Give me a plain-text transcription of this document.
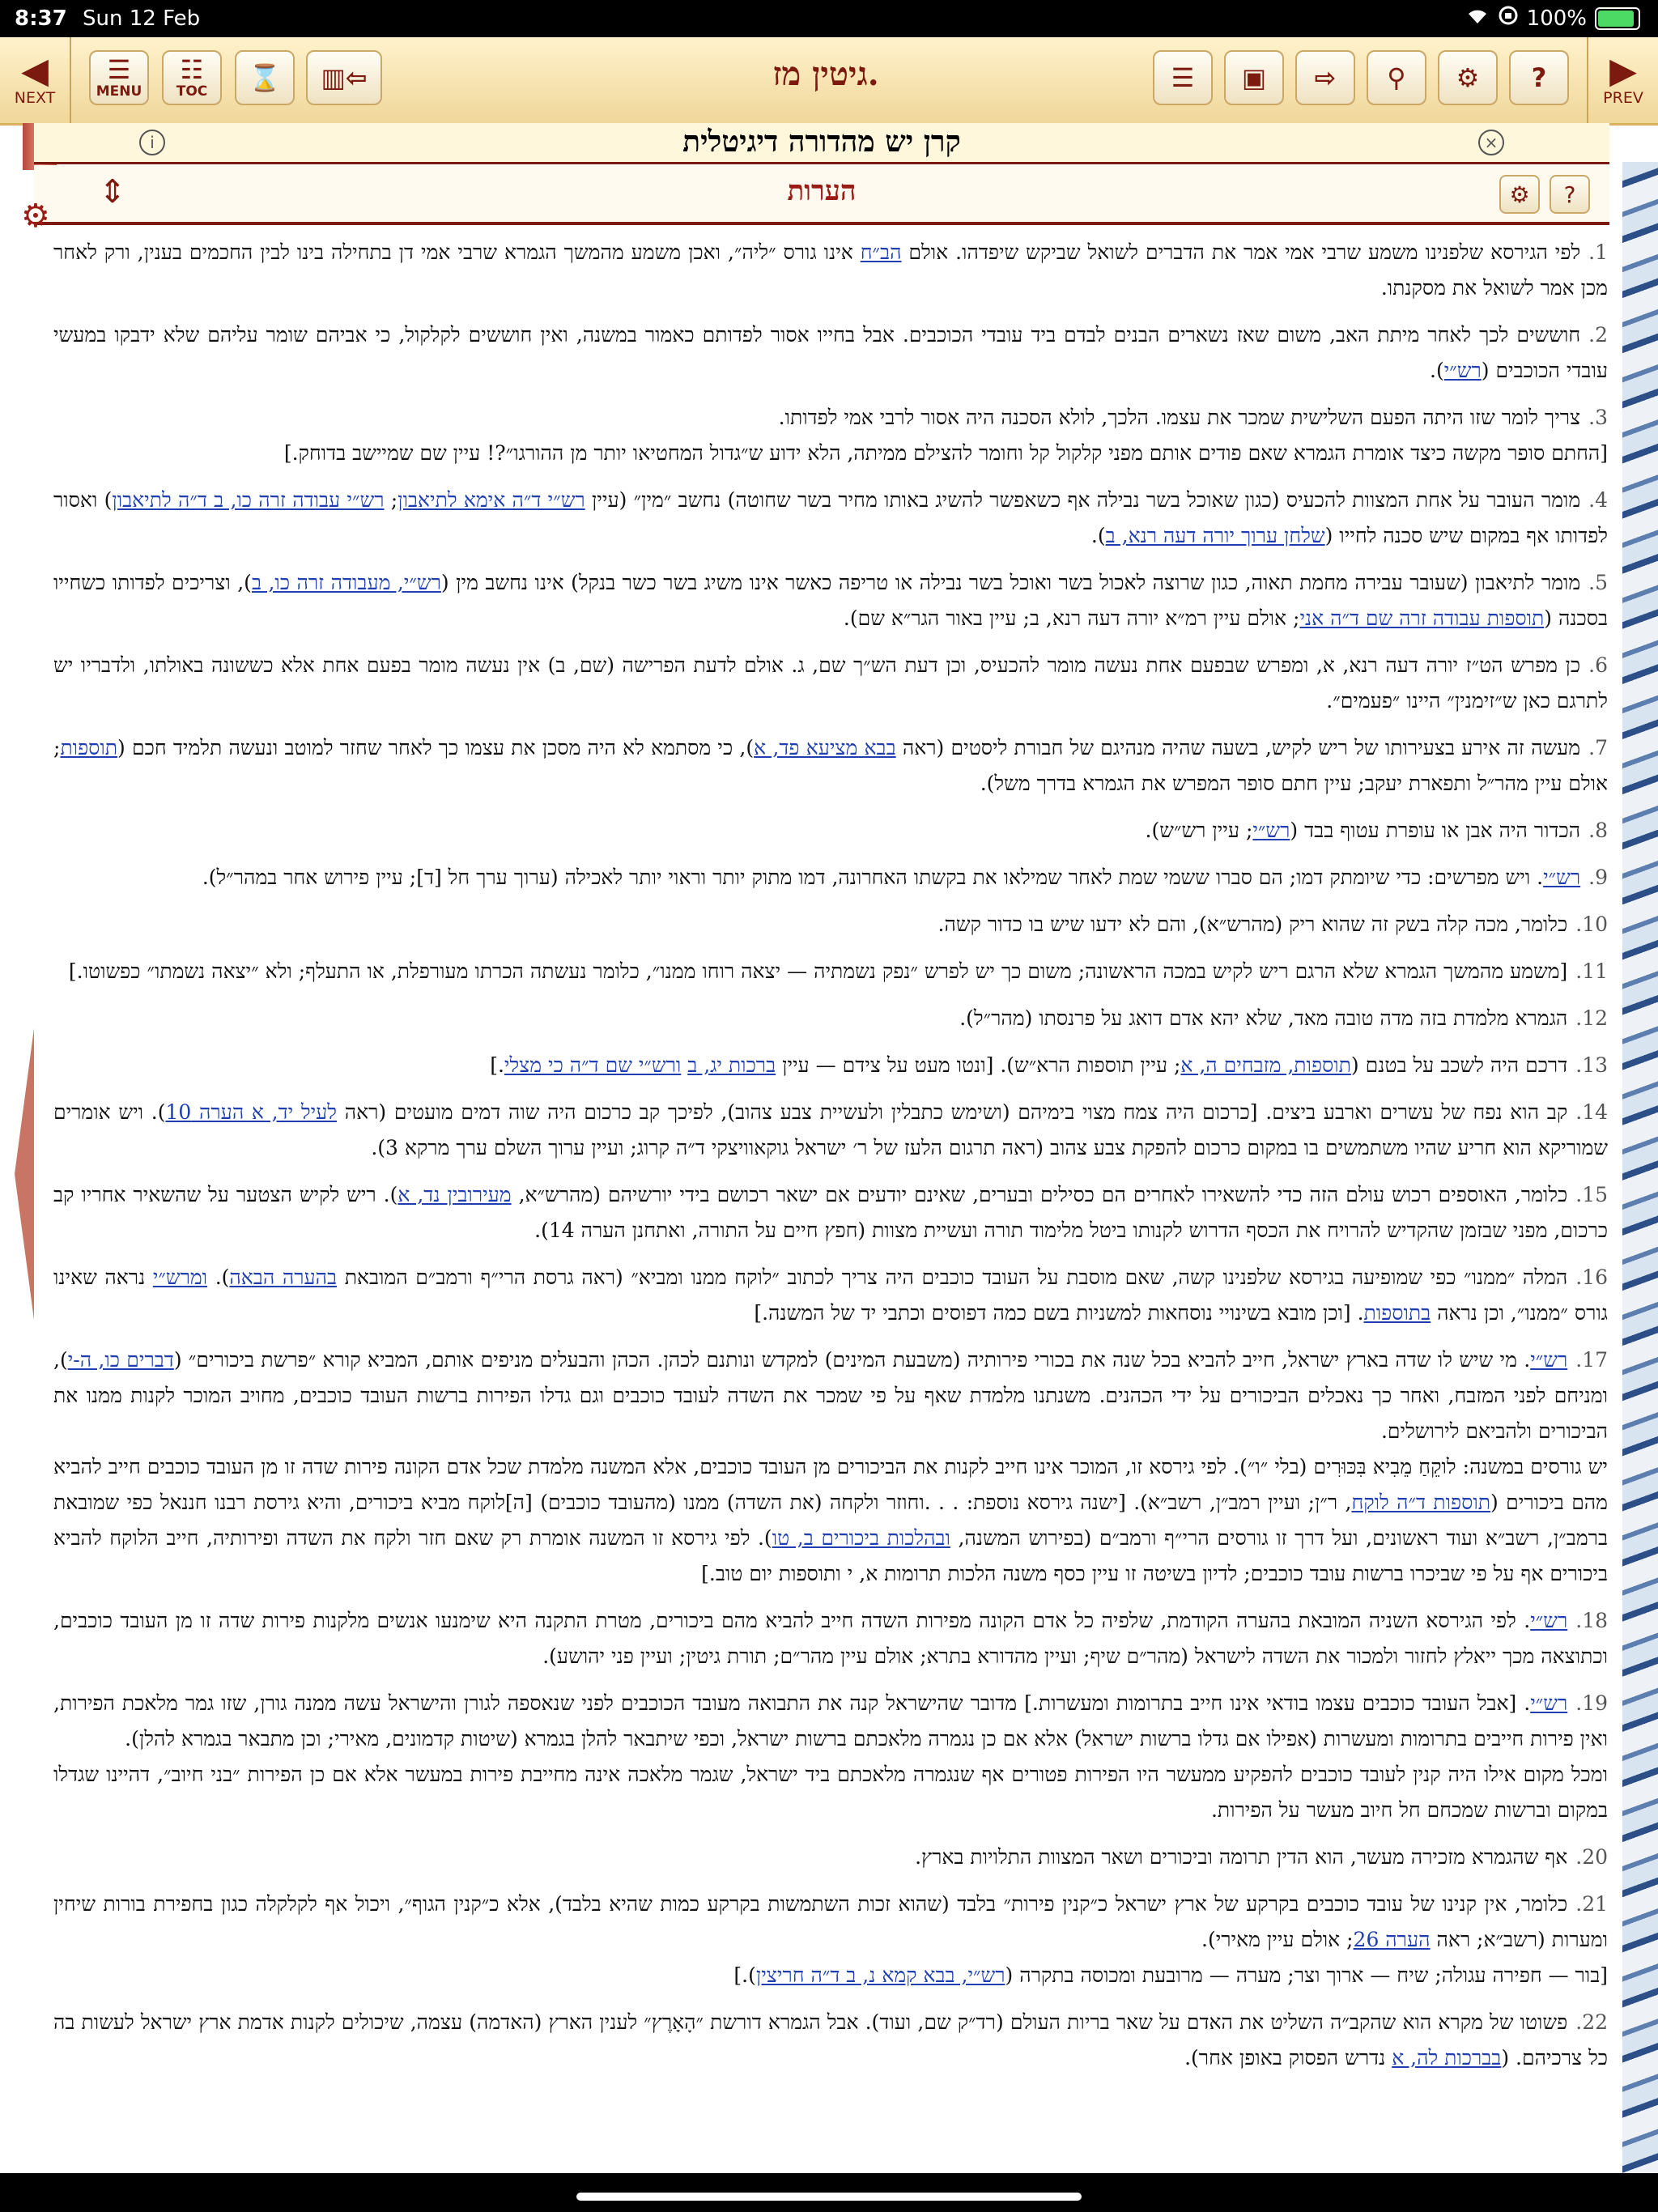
8:37 Sun 12 Feb	100%
◀
NEXT
☰
MENU
☷
TOC ⌛ ▥⇦	גיטין מז.	☰ ▣ ⇨ ⚲ ⚙ ? ▶
PREV
i	קרן יש מהדורה דיגיטלית	×
⇕	הערות	⚙	?
⚙

1.לפי הגירסא שלפנינו משמע שרבי אמי אמר את הדברים לשואל שביקש שיפדהו. אולם הב״ח אינו גורס ״ליה״, ואכן משמע מהמשך הגמרא שרבי אמי דן בתחילה בינו לבין החכמים בענין, ורק לאחר מכן אמר לשואל את מסקנתו.

2.חוששים לכך לאחר מיתת האב, משום שאז נשארים הבנים לבדם ביד עובדי הכוכבים. אבל בחייו אסור לפדותם כאמור במשנה, ואין חוששים לקלקול, כי אביהם שומר עליהם שלא ידבקו במעשי עובדי הכוכבים (רש״י).

3.צריך לומר שזו היתה הפעם השלישית שמכר את עצמו. הלכך, לולא הסכנה היה אסור לרבי אמי לפדותו.

[החתם סופר מקשה כיצד אומרת הגמרא שאם פודים אותם מפני קלקול קל וחומר להצילם ממיתה, הלא ידוע ש״גדול המחטיאו יותר מן ההורגו״?! עיין שם שמיישב בדוחק.]

4.מומר העובר על אחת המצוות להכעיס (כגון שאוכל בשר נבילה אף כשאפשר להשיג באותו מחיר בשר שחוטה) נחשב ״מין״ (עיין רש״י ד״ה אימא לתיאבון; רש״י עבודה זרה כו, ב ד״ה לתיאבון) ואסור לפדותו אף במקום שיש סכנה לחייו (שלחן ערוך יורה דעה רנא, ב).

5.מומר לתיאבון (שעובר עבירה מחמת תאוה, כגון שרוצה לאכול בשר ואוכל בשר נבילה או טריפה כאשר אינו משיג בשר כשר בנקל) אינו נחשב מין (רש״י, מעבודה זרה כו, ב), וצריכים לפדותו כשחייו בסכנה (תוספות עבודה זרה שם ד״ה אני; אולם עיין רמ״א יורה דעה רנא, ב; עיין באור הגר״א שם).

6.כן מפרש הט״ז יורה דעה רנא, א, ומפרש שבפעם אחת נעשה מומר להכעיס, וכן דעת הש״ך שם, ג. אולם לדעת הפרישה (שם, ב) אין נעשה מומר בפעם אחת אלא כששונה באולתו, ולדבריו יש לתרגם כאן ש״זימנין״ היינו ״פעמים״.

7.מעשה זה אירע בצעירותו של ריש לקיש, בשעה שהיה מנהיגם של חבורת ליסטים (ראה בבא מציעא פד, א), כי מסתמא לא היה מסכן את עצמו כך לאחר שחזר למוטב ונעשה תלמיד חכם (תוספות; אולם עיין מהר״ל ותפארת יעקב; עיין חתם סופר המפרש את הגמרא בדרך משל).

8.הכדור היה אבן או עופרת עטוף בבד (רש״י; עיין רש״ש).

9.רש״י. ויש מפרשים: כדי שיומתק דמו; הם סברו ששמי שמת לאחר שמילאו את בקשתו האחרונה, דמו מתוק יותר וראוי יותר לאכילה (ערוך ערך חל [ד]; עיין פירוש אחר במהר״ל).

10.כלומר, מכה קלה בשק זה שהוא ריק (מהרש״א), והם לא ידעו שיש בו כדור קשה.

11.[משמע מהמשך הגמרא שלא הרגם ריש לקיש במכה הראשונה; משום כך יש לפרש ״נפק נשמתיה — יצאה רוחו ממנו״, כלומר נעשתה הכרתו מעורפלת, או התעלף; ולא ״יצאה נשמתו״ כפשוטו.]

12.הגמרא מלמדת בזה מדה טובה מאד, שלא יהא אדם דואג על פרנסתו (מהר״ל).

13.דרכם היה לשכב על בטנם (תוספות, מזבחים ה, א; עיין תוספות הרא״ש). [ונטו מעט על צידם — עיין ברכות יג, ב ורש״י שם ד״ה כי מצלי.]

14.קב הוא נפח של עשרים וארבע ביצים. [כרכום היה צמח מצוי בימיהם (ושימש כתבלין ולעשיית צבע צהוב), לפיכך קב כרכום היה שוה דמים מועטים (ראה לעיל יד, א הערה 10). ויש אומרים שמוריקא הוא חריע שהיו משתמשים בו במקום כרכום להפקת צבע צהוב (ראה תרגום הלעז של ר׳ ישראל גוקאוויצקי ד״ה קרוג; ועיין ערוך השלם ערך מרקא 3).

15.כלומר, האוספים רכוש עולם הזה כדי להשאירו לאחרים הם כסילים ובערים, שאינם יודעים אם ישאר רכושם בידי יורשיהם (מהרש״א, מעירובין נד, א). ריש לקיש הצטער על שהשאיר אחריו קב כרכום, מפני שבזמן שהקדיש להרויח את הכסף הדרוש לקנותו ביטל מלימוד תורה ועשיית מצוות (חפץ חיים על התורה, ואתחנן הערה 14).

16.המלה ״ממנו״ כפי שמופיעה בגירסא שלפנינו קשה, שאם מוסבת על העובד כוכבים היה צריך לכתוב ״לוקח ממנו ומביא״ (ראה גרסת הרי״ף ורמב״ם המובאת בהערה הבאה). ומרש״י נראה שאינו גורס ״ממנו״, וכן נראה בתוספות. [וכן מובא בשינויי נוסחאות למשניות בשם כמה דפוסים וכתבי יד של המשנה.]

17.רש״י. מי שיש לו שדה בארץ ישראל, חייב להביא בכל שנה את בכורי פירותיה (משבעת המינים) למקדש ונותנם לכהן. הכהן והבעלים מניפים אותם, המביא קורא ״פרשת ביכורים״ (דברים כו, ה-י), ומניחם לפני המזבח, ואחר כך נאכלים הביכורים על ידי הכהנים. משנתנו מלמדת שאף על פי שמכר את השדה לעובד כוכבים וגם גדלו הפירות ברשות העובד כוכבים, מחויב המוכר לקנות ממנו את הביכורים ולהביאם לירושלים.

יש גורסים במשנה: לוקֵחַ מֵבִיא בִּכּוּרִים (בלי ״ו״). לפי גירסא זו, המוכר אינו חייב לקנות את הביכורים מן העובד כוכבים, אלא המשנה מלמדת שכל אדם הקונה פירות שדה זו מן העובד כוכבים חייב להביא מהם ביכורים (תוספות ד״ה לוקח, ר״ן; ועיין רמב״ן, רשב״א). [ישנה גירסא נוספת: . . .וחוזר ולקחה (את השדה) ממנו (מהעובד כוכבים) [ה]לוקח מביא ביכורים, והיא גירסת רבנו חננאל כפי שמובאת ברמב״ן, רשב״א ועוד ראשונים, ועל דרך זו גורסים הרי״ף ורמב״ם (בפירוש המשנה, ובהלכות ביכורים ב, טו). לפי גירסא זו המשנה אומרת רק שאם חזר ולקח את השדה ופירותיה, חייב הלוקח להביא ביכורים אף על פי שביכרו ברשות עובד כוכבים; לדיון בשיטה זו עיין כסף משנה הלכות תרומות א, י ותוספות יום טוב.]

18.רש״י. לפי הגירסא השניה המובאת בהערה הקודמת, שלפיה כל אדם הקונה מפירות השדה חייב להביא מהם ביכורים, מטרת התקנה היא שימנעו אנשים מלקנות פירות שדה זו מן העובד כוכבים, וכתוצאה מכך ייאלץ לחזור ולמכור את השדה לישראל (מהר״ם שיף; ועיין מהדורא בתרא; אולם עיין מהר״ם; תורת גיטין; ועיין פני יהושע).

19.רש״י. [אבל העובד כוכבים עצמו בודאי אינו חייב בתרומות ומעשרות.] מדובר שהישראל קנה את התבואה מעובד הכוכבים לפני שנאספה לגורן והישראל עשה ממנה גורן, שזו גמר מלאכת הפירות, ואין פירות חייבים בתרומות ומעשרות (אפילו אם גדלו ברשות ישראל) אלא אם כן נגמרה מלאכתם ברשות ישראל, וכפי שיתבאר להלן בגמרא (שיטות קדמונים, מאירי; וכן מתבאר בגמרא להלן).

ומכל מקום אילו היה קנין לעובד כוכבים להפקיע ממעשר היו הפירות פטורים אף שנגמרה מלאכתם ביד ישראל, שגמר מלאכה אינה מחייבת פירות במעשר אלא אם כן הפירות ״בני חיוב״, דהיינו שגדלו במקום וברשות שמכחם חל חיוב מעשר על הפירות.

20.אף שהגמרא מזכירה מעשר, הוא הדין תרומה וביכורים ושאר המצוות התלויות בארץ.

21.כלומר, אין קנינו של עובד כוכבים בקרקע של ארץ ישראל כ״קנין פירות״ בלבד (שהוא זכות השתמשות בקרקע כמות שהיא בלבד), אלא כ״קנין הגוף״, ויכול אף לקלקלה כגון בחפירת בורות שיחין ומערות (רשב״א; ראה הערה 26; אולם עיין מאירי).

[בור — חפירה עגולה; שיח — ארוך וצר; מערה — מרובעת ומכוסה בתקרה (רש״י, בבא קמא נ, ב ד״ה חריצין).]

22.פשוטו של מקרא הוא שהקב״ה השליט את האדם על שאר בריות העולם (רד״ק שם, ועוד). אבל הגמרא דורשת ״הָאָרֶץ״ לענין הארץ (האדמה) עצמה, שיכולים לקנות אדמת ארץ ישראל לעשות בה כל צרכיהם. (בברכות לה, א נדרש הפסוק באופן אחר).
